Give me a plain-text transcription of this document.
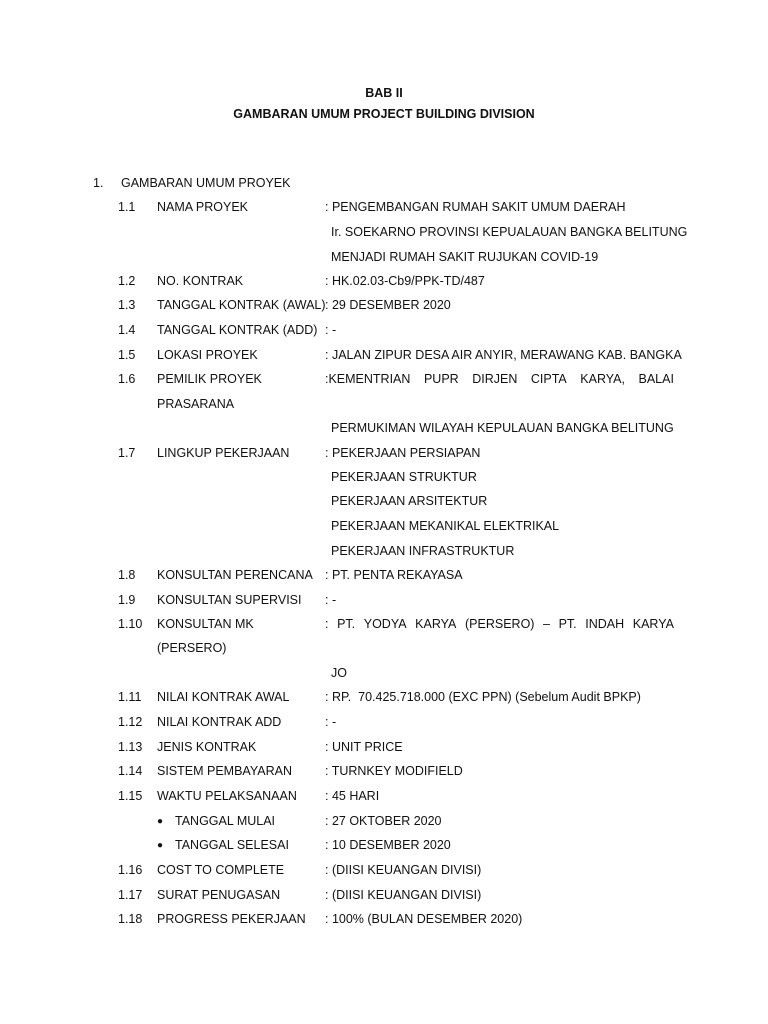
BAB II
GAMBARAN UMUM PROJECT BUILDING DIVISION
1. GAMBARAN UMUM PROYEK
1.1 NAMA PROYEK	: PENGEMBANGAN RUMAH SAKIT UMUM DAERAH
Ir. SOEKARNO PROVINSI KEPUALAUAN BANGKA BELITUNG
MENJADI RUMAH SAKIT RUJUKAN COVID-19
1.2 NO. KONTRAK	: HK.02.03-Cb9/PPK-TD/487
1.3 TANGGAL KONTRAK (AWAL) : 29 DESEMBER 2020
1.4 TANGGAL KONTRAK (ADD) : -
1.5 LOKASI PROYEK	: JALAN ZIPUR DESA AIR ANYIR, MERAWANG KAB. BANGKA
1.6 PEMILIK PROYEK	:KEMENTRIAN PUPR DIRJEN CIPTA KARYA, BALAI
PRASARANA
PERMUKIMAN WILAYAH KEPULAUAN BANGKA BELITUNG
1.7 LINGKUP PEKERJAAN	: PEKERJAAN PERSIAPAN
PEKERJAAN STRUKTUR
PEKERJAAN ARSITEKTUR
PEKERJAAN MEKANIKAL ELEKTRIKAL
PEKERJAAN INFRASTRUKTUR
1.8 KONSULTAN PERENCANA : PT. PENTA REKAYASA
1.9 KONSULTAN SUPERVISI : -
1.10 KONSULTAN MK	: PT. YODYA KARYA (PERSERO) – PT. INDAH KARYA
(PERSERO)
JO
1.11 NILAI KONTRAK AWAL	: RP.  70.425.718.000 (EXC PPN) (Sebelum Audit BPKP)
1.12 NILAI KONTRAK ADD	: -
1.13 JENIS KONTRAK	: UNIT PRICE
1.14 SISTEM PEMBAYARAN	: TURNKEY MODIFIELD
1.15 WAKTU PELAKSANAAN : 45 HARI
● TANGGAL MULAI	: 27 OKTOBER 2020
● TANGGAL SELESAI	: 10 DESEMBER 2020
1.16 COST TO COMPLETE	: (DIISI KEUANGAN DIVISI)
1.17 SURAT PENUGASAN	: (DIISI KEUANGAN DIVISI)
1.18 PROGRESS PEKERJAAN : 100% (BULAN DESEMBER 2020)
